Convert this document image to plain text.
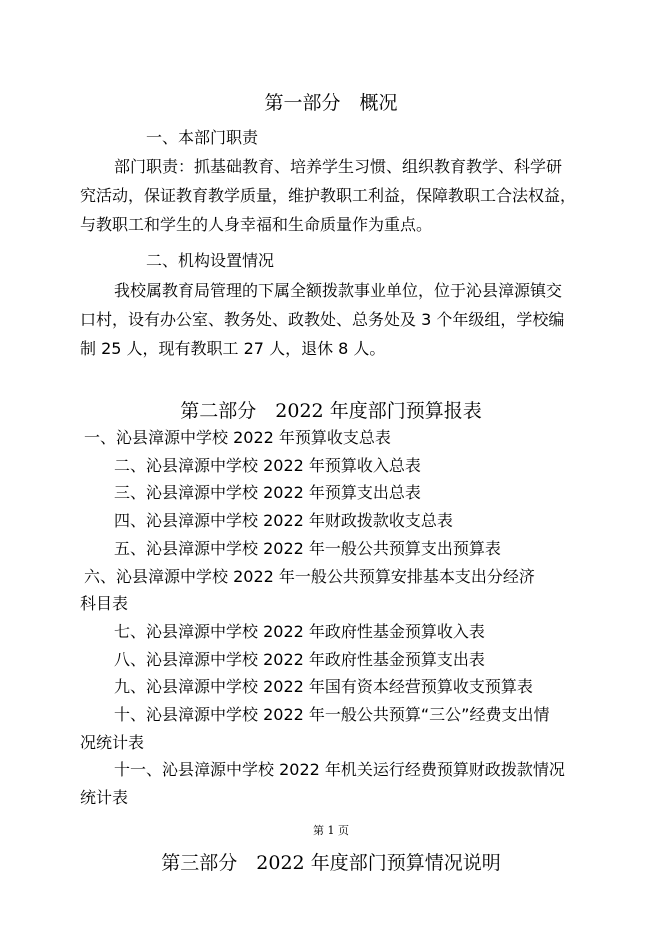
第一部分　概况
一、本部门职责
部门职责：抓基础教育、培养学生习惯、组织教育教学、科学研
究活动，保证教育教学质量，维护教职工利益，保障教职工合法权益，
与教职工和学生的人身幸福和生命质量作为重点。
二、机构设置情况
我校属教育局管理的下属全额拨款事业单位，位于沁县漳源镇交
口村，设有办公室、教务处、政教处、总务处及 3 个年级组，学校编
制 25 人，现有教职工 27 人，退休 8 人。
第二部分　2022 年度部门预算报表
一、沁县漳源中学校 2022 年预算收支总表
二、沁县漳源中学校 2022 年预算收入总表
三、沁县漳源中学校 2022 年预算支出总表
四、沁县漳源中学校 2022 年财政拨款收支总表
五、沁县漳源中学校 2022 年一般公共预算支出预算表
六、沁县漳源中学校 2022 年一般公共预算安排基本支出分经济
科目表
七、沁县漳源中学校 2022 年政府性基金预算收入表
八、沁县漳源中学校 2022 年政府性基金预算支出表
九、沁县漳源中学校 2022 年国有资本经营预算收支预算表
十、沁县漳源中学校 2022 年一般公共预算“三公”经费支出情
况统计表
十一、沁县漳源中学校 2022 年机关运行经费预算财政拨款情况
统计表
第 1 页
第三部分　2022 年度部门预算情况说明
